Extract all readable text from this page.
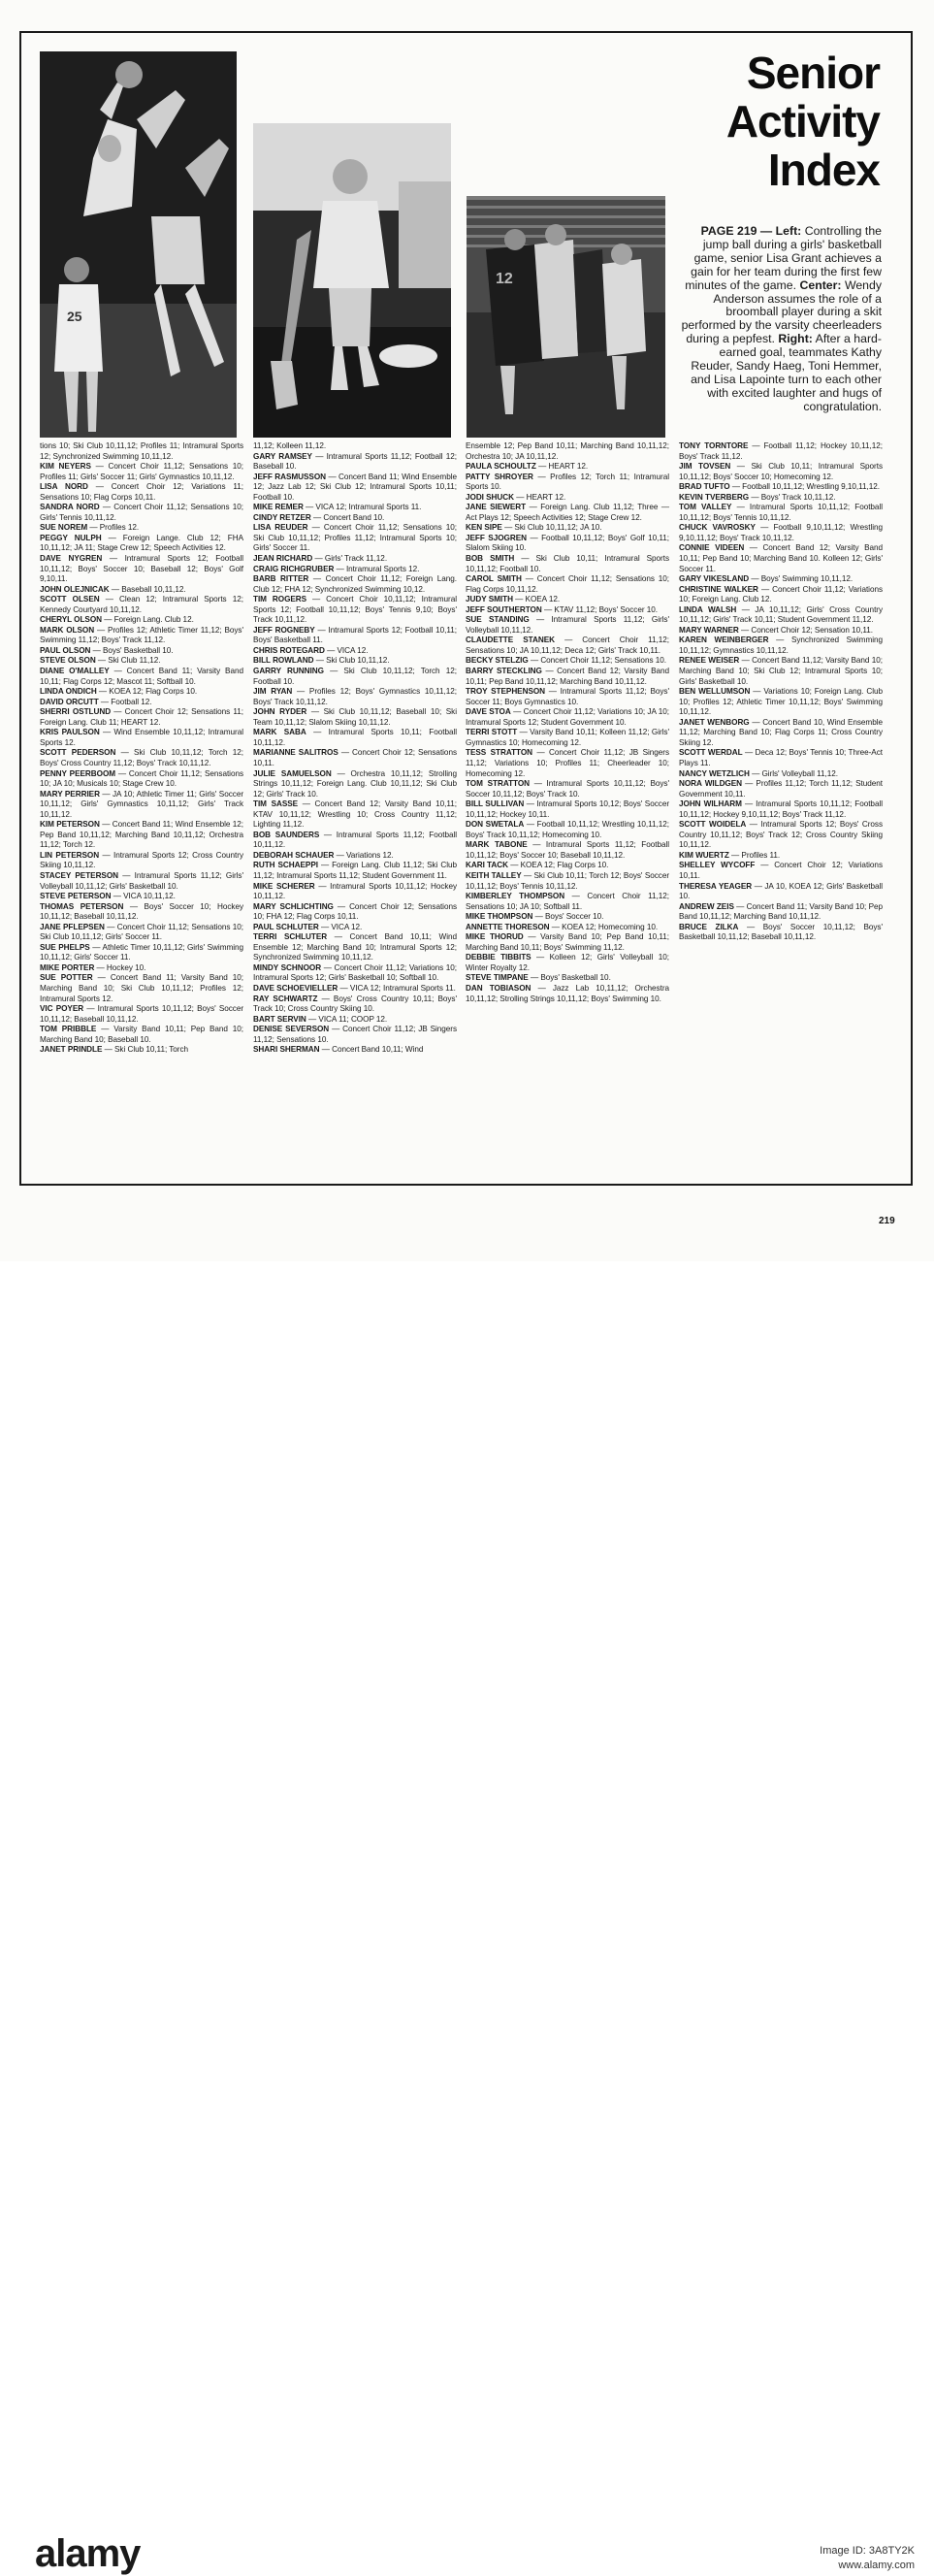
25
12
Senior
Activity
Index
PAGE 219 — Left: Controlling the jump ball during a girls' basketball game, senior Lisa Grant achieves a gain for her team during the first few minutes of the game. Center: Wendy Anderson assumes the role of a broomball player during a skit performed by the varsity cheerleaders during a pepfest. Right: After a hard-earned goal, teammates Kathy Reuder, Sandy Haeg, Toni Hemmer, and Lisa Lapointe turn to each other with excited laughter and hugs of congratulation.

tions 10; Ski Club 10,11,12; Profiles 11; Intramural Sports 12; Synchronized Swimming 10,11,12.

KIM NEYERS — Concert Choir 11,12; Sensations 10; Profiles 11; Girls' Soccer 11; Girls' Gymnastics 10,11,12.

LISA NORD — Concert Choir 12; Variations 11; Sensations 10; Flag Corps 10,11.

SANDRA NORD — Concert Choir 11,12; Sensations 10; Girls' Tennis 10,11,12.

SUE NOREM — Profiles 12.

PEGGY NULPH — Foreign Lange. Club 12; FHA 10,11,12; JA 11; Stage Crew 12; Speech Activities 12.

DAVE NYGREN — Intramural Sports 12; Football 10,11,12; Boys' Soccer 10; Baseball 12; Boys' Golf 9,10,11.

JOHN OLEJNICAK — Baseball 10,11,12.

SCOTT OLSEN — Clean 12; Intramural Sports 12; Kennedy Courtyard 10,11,12.

CHERYL OLSON — Foreign Lang. Club 12.

MARK OLSON — Profiles 12; Athletic Timer 11,12; Boys' Swimming 11,12; Boys' Track 11,12.

PAUL OLSON — Boys' Basketball 10.

STEVE OLSON — Ski Club 11,12.

DIANE O'MALLEY — Concert Band 11; Varsity Band 10,11; Flag Corps 12; Mascot 11; Softball 10.

LINDA ONDICH — KOEA 12; Flag Corps 10.

DAVID ORCUTT — Football 12.

SHERRI OSTLUND — Concert Choir 12; Sensations 11; Foreign Lang. Club 11; HEART 12.

KRIS PAULSON — Wind Ensemble 10,11,12; Intramural Sports 12.

SCOTT PEDERSON — Ski Club 10,11,12; Torch 12; Boys' Cross Country 11,12; Boys' Track 10,11,12.

PENNY PEERBOOM — Concert Choir 11,12; Sensations 10; JA 10; Musicals 10; Stage Crew 10.

MARY PERRIER — JA 10; Athletic Timer 11; Girls' Soccer 10,11,12; Girls' Gymnastics 10,11,12; Girls' Track 10,11,12.

KIM PETERSON — Concert Band 11; Wind Ensemble 12; Pep Band 10,11,12; Marching Band 10,11,12; Orchestra 11,12; Torch 12.

LIN PETERSON — Intramural Sports 12; Cross Country Skiing 10,11,12.

STACEY PETERSON — Intramural Sports 11,12; Girls' Volleyball 10,11,12; Girls' Basketball 10.

STEVE PETERSON — VICA 10,11,12.

THOMAS PETERSON — Boys' Soccer 10; Hockey 10,11,12; Baseball 10,11,12.

JANE PFLEPSEN — Concert Choir 11,12; Sensations 10; Ski Club 10,11,12; Girls' Soccer 11.

SUE PHELPS — Athletic Timer 10,11,12; Girls' Swimming 10,11,12; Girls' Soccer 11.

MIKE PORTER — Hockey 10.

SUE POTTER — Concert Band 11; Varsity Band 10; Marching Band 10; Ski Club 10,11,12; Profiles 12; Intramural Sports 12.

VIC POYER — Intramural Sports 10,11,12; Boys' Soccer 10,11,12; Baseball 10,11,12.

TOM PRIBBLE — Varsity Band 10,11; Pep Band 10; Marching Band 10; Baseball 10.

JANET PRINDLE — Ski Club 10,11; Torch

11,12; Kolleen 11,12.

GARY RAMSEY — Intramural Sports 11,12; Football 12; Baseball 10.

JEFF RASMUSSON — Concert Band 11; Wind Ensemble 12; Jazz Lab 12; Ski Club 12; Intramural Sports 10,11; Football 10.

MIKE REMER — VICA 12; Intramural Sports 11.

CINDY RETZER — Concert Band 10.

LISA REUDER — Concert Choir 11,12; Sensations 10; Ski Club 10,11,12; Profiles 11,12; Intramural Sports 10; Girls' Soccer 11.

JEAN RICHARD — Girls' Track 11,12.

CRAIG RICHGRUBER — Intramural Sports 12.

BARB RITTER — Concert Choir 11,12; Foreign Lang. Club 12; FHA 12; Synchronized Swimming 10,12.

TIM ROGERS — Concert Choir 10,11,12; Intramural Sports 12; Football 10,11,12; Boys' Tennis 9,10; Boys' Track 10,11,12.

JEFF ROGNEBY — Intramural Sports 12; Football 10,11; Boys' Basketball 11.

CHRIS ROTEGARD — VICA 12.

BILL ROWLAND — Ski Club 10,11,12.

GARRY RUNNING — Ski Club 10,11,12; Torch 12; Football 10.

JIM RYAN — Profiles 12; Boys' Gymnastics 10,11,12; Boys' Track 10,11,12.

JOHN RYDER — Ski Club 10,11,12; Baseball 10; Ski Team 10,11,12; Slalom Skiing 10,11,12.

MARK SABA — Intramural Sports 10,11; Football 10,11,12.

MARIANNE SALITROS — Concert Choir 12; Sensations 10,11.

JULIE SAMUELSON — Orchestra 10,11,12; Strolling Strings 10,11,12; Foreign Lang. Club 10,11,12; Ski Club 12; Girls' Track 10.

TIM SASSE — Concert Band 12; Varsity Band 10,11; KTAV 10,11,12; Wrestling 10; Cross Country 11,12; Lighting 11,12.

BOB SAUNDERS — Intramural Sports 11,12; Football 10,11,12.

DEBORAH SCHAUER — Variations 12.

RUTH SCHAEPPI — Foreign Lang. Club 11,12; Ski Club 11,12; Intramural Sports 11,12; Student Government 11.

MIKE SCHERER — Intramural Sports 10,11,12; Hockey 10,11,12.

MARY SCHLICHTING — Concert Choir 12; Sensations 10; FHA 12; Flag Corps 10,11.

PAUL SCHLUTER — VICA 12.

TERRI SCHLUTER — Concert Band 10,11; Wind Ensemble 12; Marching Band 10; Intramural Sports 12; Synchronized Swimming 10,11,12.

MINDY SCHNOOR — Concert Choir 11,12; Variations 10; Intramural Sports 12; Girls' Basketball 10; Softball 10.

DAVE SCHOEVIELLER — VICA 12; Intramural Sports 11.

RAY SCHWARTZ — Boys' Cross Country 10,11; Boys' Track 10; Cross Country Skiing 10.

BART SERVIN — VICA 11; COOP 12.

DENISE SEVERSON — Concert Choir 11,12; JB Singers 11,12; Sensations 10.

SHARI SHERMAN — Concert Band 10,11; Wind

Ensemble 12; Pep Band 10,11; Marching Band 10,11,12; Orchestra 10; JA 10,11,12.

PAULA SCHOULTZ — HEART 12.

PATTY SHROYER — Profiles 12; Torch 11; Intramural Sports 10.

JODI SHUCK — HEART 12.

JANE SIEWERT — Foreign Lang. Club 11,12; Three — Act Plays 12; Speech Activities 12; Stage Crew 12.

KEN SIPE — Ski Club 10,11,12; JA 10.

JEFF SJOGREN — Football 10,11,12; Boys' Golf 10,11; Slalom Skiing 10.

BOB SMITH — Ski Club 10,11; Intramural Sports 10,11,12; Football 10.

CAROL SMITH — Concert Choir 11,12; Sensations 10; Flag Corps 10,11,12.

JUDY SMITH — KOEA 12.

JEFF SOUTHERTON — KTAV 11,12; Boys' Soccer 10.

SUE STANDING — Intramural Sports 11,12; Girls' Volleyball 10,11,12.

CLAUDETTE STANEK — Concert Choir 11,12; Sensations 10; JA 10,11,12; Deca 12; Girls' Track 10,11.

BECKY STELZIG — Concert Choir 11,12; Sensations 10.

BARRY STECKLING — Concert Band 12; Varsity Band 10,11; Pep Band 10,11,12; Marching Band 10,11,12.

TROY STEPHENSON — Intramural Sports 11,12; Boys' Soccer 11; Boys Gymnastics 10.

DAVE STOA — Concert Choir 11,12; Variations 10; JA 10; Intramural Sports 12; Student Government 10.

TERRI STOTT — Varsity Band 10,11; Kolleen 11,12; Girls' Gymnastics 10; Homecoming 12.

TESS STRATTON — Concert Choir 11,12; JB Singers 11,12; Variations 10; Profiles 11; Cheerleader 10; Homecoming 12.

TOM STRATTON — Intramural Sports 10,11,12; Boys' Soccer 10,11,12; Boys' Track 10.

BILL SULLIVAN — Intramural Sports 10,12; Boys' Soccer 10,11,12; Hockey 10,11.

DON SWETALA — Football 10,11,12; Wrestling 10,11,12; Boys' Track 10,11,12; Homecoming 10.

MARK TABONE — Intramural Sports 11,12; Football 10,11,12; Boys' Soccer 10; Baseball 10,11,12.

KARI TACK — KOEA 12; Flag Corps 10.

KEITH TALLEY — Ski Club 10,11; Torch 12; Boys' Soccer 10,11,12; Boys' Tennis 10,11,12.

KIMBERLEY THOMPSON — Concert Choir 11,12; Sensations 10; JA 10; Softball 11.

MIKE THOMPSON — Boys' Soccer 10.

ANNETTE THORESON — KOEA 12; Homecoming 10.

MIKE THORUD — Varsity Band 10; Pep Band 10,11; Marching Band 10,11; Boys' Swimming 11,12.

DEBBIE TIBBITS — Kolleen 12; Girls' Volleyball 10; Winter Royalty 12.

STEVE TIMPANE — Boys' Basketball 10.

DAN TOBIASON — Jazz Lab 10,11,12; Orchestra 10,11,12; Strolling Strings 10,11,12; Boys' Swimming 10.

TONY TORNTORE — Football 11,12; Hockey 10,11,12; Boys' Track 11,12.

JIM TOVSEN — Ski Club 10,11; Intramural Sports 10,11,12; Boys' Soccer 10; Homecoming 12.

BRAD TUFTO — Football 10,11,12; Wrestling 9,10,11,12.

KEVIN TVERBERG — Boys' Track 10,11,12.

TOM VALLEY — Intramural Sports 10,11,12; Football 10,11,12; Boys' Tennis 10,11,12.

CHUCK VAVROSKY — Football 9,10,11,12; Wrestling 9,10,11,12; Boys' Track 10,11,12.

CONNIE VIDEEN — Concert Band 12; Varsity Band 10,11; Pep Band 10; Marching Band 10. Kolleen 12; Girls' Soccer 11.

GARY VIKESLAND — Boys' Swimming 10,11,12.

CHRISTINE WALKER — Concert Choir 11,12; Variations 10; Foreign Lang. Club 12.

LINDA WALSH — JA 10,11,12; Girls' Cross Country 10,11,12; Girls' Track 10,11; Student Government 11,12.

MARY WARNER — Concert Choir 12; Sensation 10,11.

KAREN WEINBERGER — Synchronized Swimming 10,11,12; Gymnastics 10,11,12.

RENEE WEISER — Concert Band 11,12; Varsity Band 10; Marching Band 10; Ski Club 12; Intramural Sports 10; Girls' Basketball 10.

BEN WELLUMSON — Variations 10; Foreign Lang. Club 10; Profiles 12; Athletic Timer 10,11,12; Boys' Swimming 10,11,12.

JANET WENBORG — Concert Band 10, Wind Ensemble 11,12; Marching Band 10; Flag Corps 11; Cross Country Skiing 12.

SCOTT WERDAL — Deca 12; Boys' Tennis 10; Three-Act Plays 11.

NANCY WETZLICH — Girls' Volleyball 11,12.

NORA WILDGEN — Profiles 11,12; Torch 11,12; Student Government 10,11.

JOHN WILHARM — Intramural Sports 10,11,12; Football 10,11,12; Hockey 9,10,11,12; Boys' Track 11,12.

SCOTT WOIDELA — Intramural Sports 12; Boys' Cross Country 10,11,12; Boys' Track 12; Cross Country Skiing 10,11,12.

KIM WUERTZ — Profiles 11.

SHELLEY WYCOFF — Concert Choir 12; Variations 10,11.

THERESA YEAGER — JA 10, KOEA 12; Girls' Basketball 10.

ANDREW ZEIS — Concert Band 11; Varsity Band 10; Pep Band 10,11,12; Marching Band 10,11,12.

BRUCE ZILKA — Boys' Soccer 10,11,12; Boys' Basketball 10,11,12; Baseball 10,11,12.

219
alamy	Image ID: 3A8TY2K
www.alamy.com
